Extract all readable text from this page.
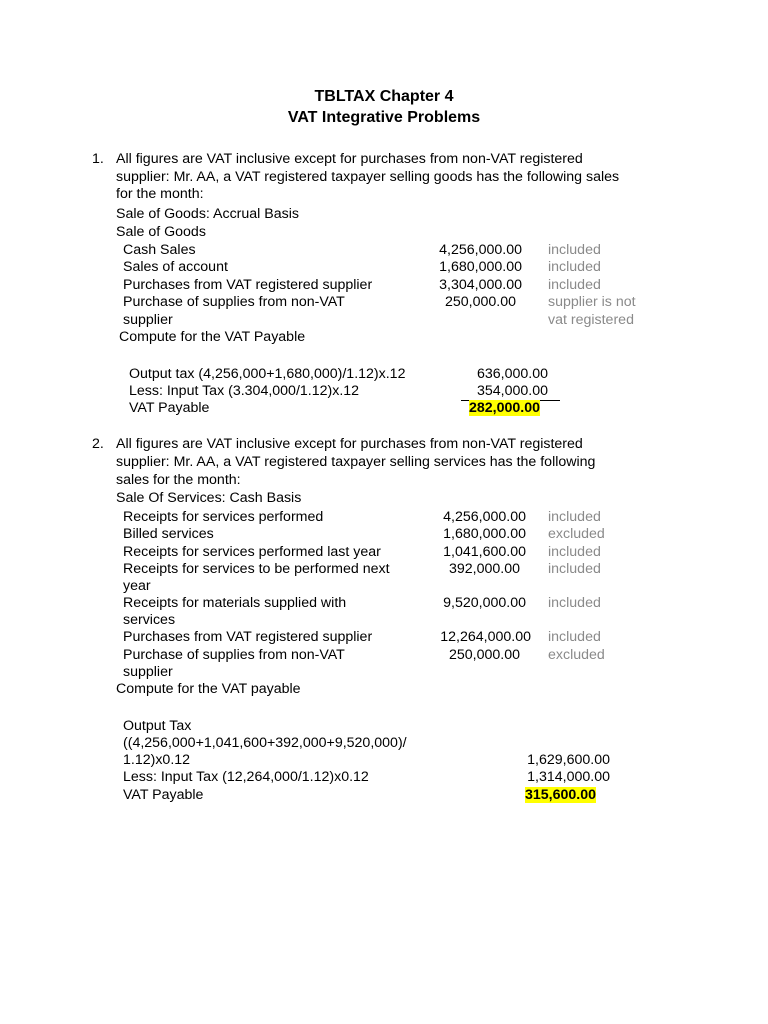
TBLTAX Chapter 4
VAT Integrative Problems
1. All figures are VAT inclusive except for purchases from non-VAT registered
supplier: Mr. AA, a VAT registered taxpayer selling goods has the following sales
for the month:
Sale of Goods: Accrual Basis
Sale of Goods
Cash Sales	4,256,000.00 included
Sales of account	1,680,000.00 included
Purchases from VAT registered supplier	3,304,000.00 included
Purchase of supplies from non-VAT
supplier
250,000.00 supplier is not
vat registered
Compute for the VAT Payable
Output tax (4,256,000+1,680,000)/1.12)x.12	636,000.00
Less: Input Tax (3.304,000/1.12)x.12	354,000.00
VAT Payable	282,000.00
2. All figures are VAT inclusive except for purchases from non-VAT registered
supplier: Mr. AA, a VAT registered taxpayer selling services has the following
sales for the month:
Sale Of Services: Cash Basis
Receipts for services performed	4,256,000.00 included
Billed services	1,680,000.00 excluded
Receipts for services performed last year	1,041,600.00 included
Receipts for services to be performed next
year
392,000.00 included
Receipts for materials supplied with
services
9,520,000.00 included
Purchases from VAT registered supplier	12,264,000.00 included
Purchase of supplies from non-VAT
supplier
250,000.00 excluded
Compute for the VAT payable
Output Tax
((4,256,000+1,041,600+392,000+9,520,000)/
1.12)x0.12	1,629,600.00
Less: Input Tax (12,264,000/1.12)x0.12	1,314,000.00
VAT Payable	315,600.00
